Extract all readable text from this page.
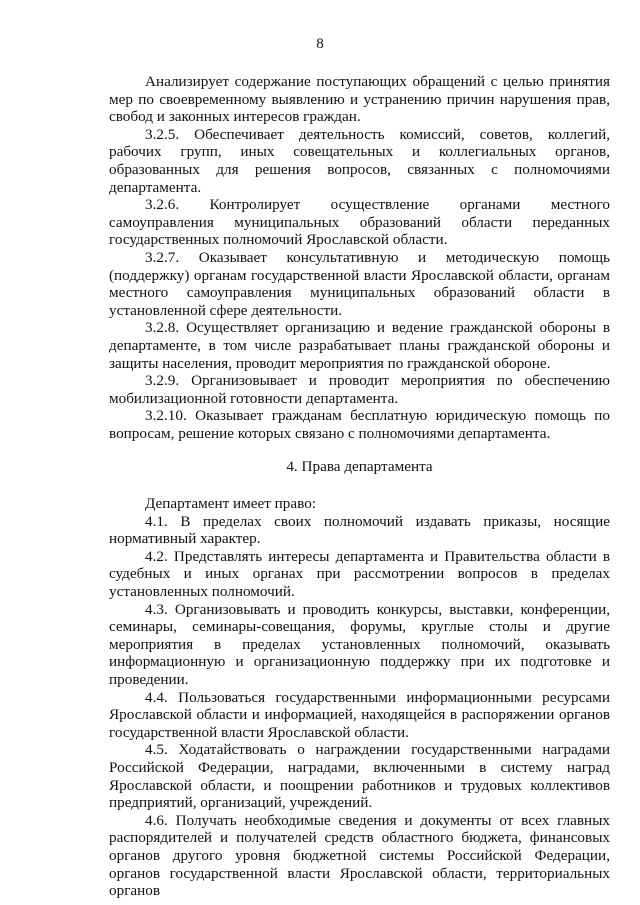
8

Анализирует содержание поступающих обращений с целью принятия мер по своевременному выявлению и устранению причин нарушения прав, свобод и законных интересов граждан.

3.2.5. Обеспечивает деятельность комиссий, советов, коллегий, рабочих групп, иных совещательных и коллегиальных органов, образованных для решения вопросов, связанных с полномочиями департамента.

3.2.6. Контролирует осуществление органами местного самоуправления муниципальных образований области переданных государственных полномочий Ярославской области.

3.2.7. Оказывает консультативную и методическую помощь (поддержку) органам государственной власти Ярославской области, органам местного самоуправления муниципальных образований области в установленной сфере деятельности.

3.2.8. Осуществляет организацию и ведение гражданской обороны в департаменте, в том числе разрабатывает планы гражданской обороны и защиты населения, проводит мероприятия по гражданской обороне.

3.2.9. Организовывает и проводит мероприятия по обеспечению мобилизационной готовности департамента.

3.2.10. Оказывает гражданам бесплатную юридическую помощь по вопросам, решение которых связано с полномочиями департамента.

4. Права департамента

Департамент имеет право:

4.1. В пределах своих полномочий издавать приказы, носящие нормативный характер.

4.2. Представлять интересы департамента и Правительства области в судебных и иных органах при рассмотрении вопросов в пределах установленных полномочий.

4.3. Организовывать и проводить конкурсы, выставки, конференции, семинары, семинары-совещания, форумы, круглые столы и другие мероприятия в пределах установленных полномочий, оказывать информационную и организационную поддержку при их подготовке и проведении.

4.4. Пользоваться государственными информационными ресурсами Ярославской области и информацией, находящейся в распоряжении органов государственной власти Ярославской области.

4.5. Ходатайствовать о награждении государственными наградами Российской Федерации, наградами, включенными в систему наград Ярославской области, и поощрении работников и трудовых коллективов предприятий, организаций, учреждений.

4.6. Получать необходимые сведения и документы от всех главных распорядителей и получателей средств областного бюджета, финансовых органов другого уровня бюджетной системы Российской Федерации, органов государственной власти Ярославской области, территориальных органов
